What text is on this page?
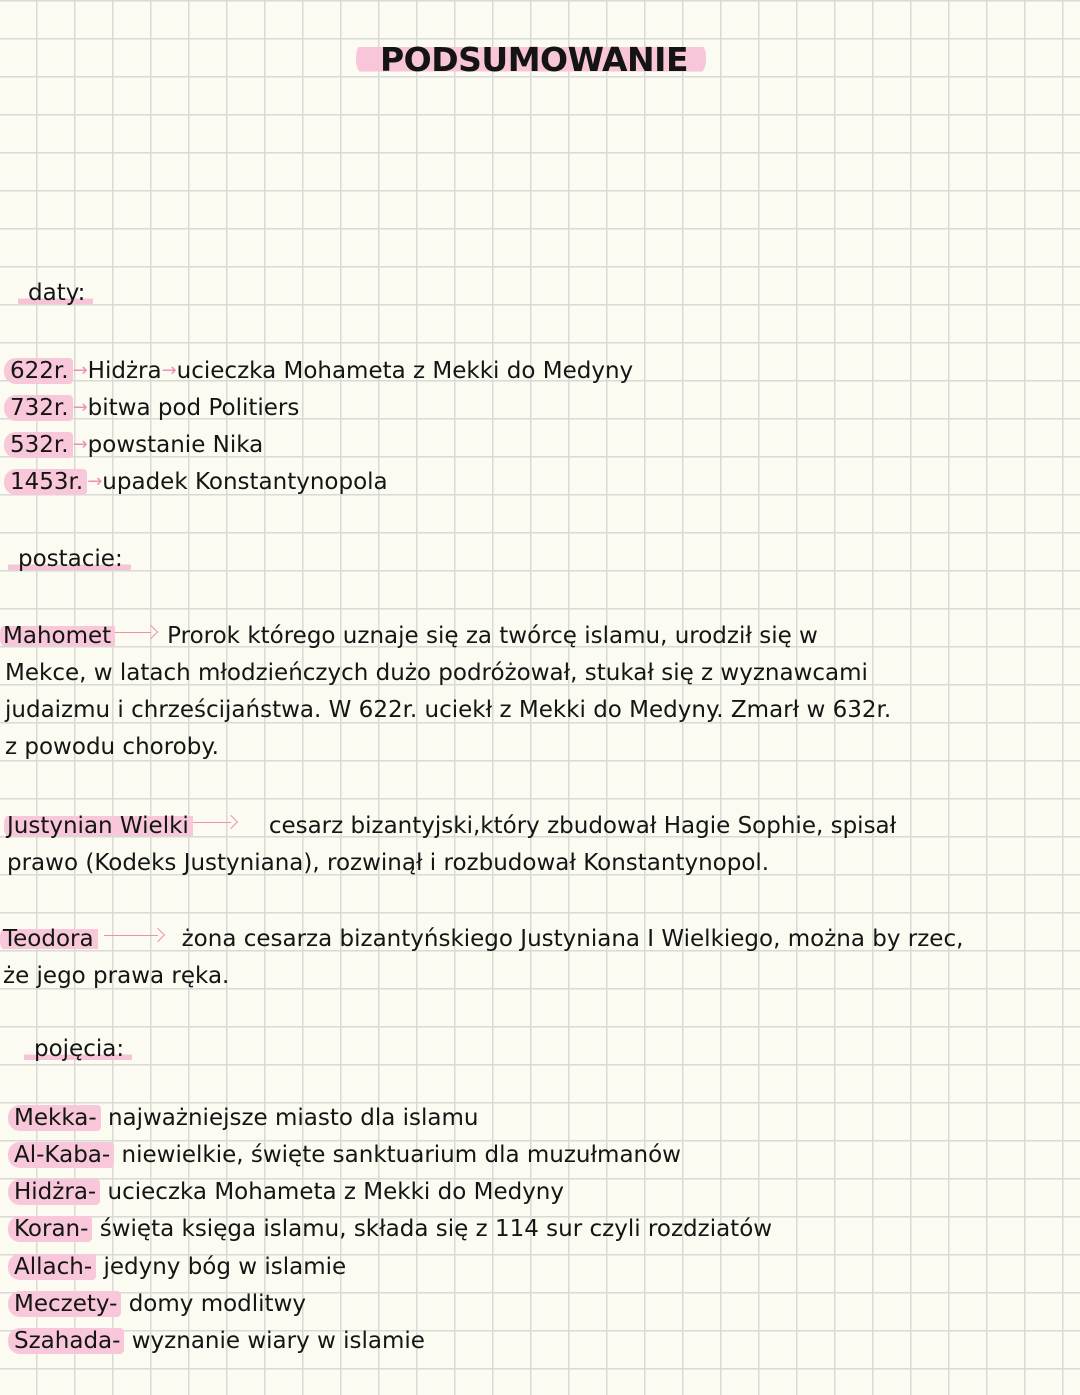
PODSUMOWANIE
daty:
622r. →Hidżra→ucieczka Mohameta z Mekki do Medyny
732r. →bitwa pod Politiers
532r. →powstanie Nika
1453r. →upadek Konstantynopola
postacie:
Mahomet Prorok którego uznaje się za twórcę islamu, urodził się w
Mekce, w latach młodzieńczych dużo podróżował, stukał się z wyznawcami
judaizmu i chrześcijaństwa. W 622r. uciekł z Mekki do Medyny. Zmarł w 632r.
z powodu choroby.
Justynian Wielki	cesarz bizantyjski,który zbudował Hagie Sophie, spisał
prawo (Kodeks Justyniana), rozwinął i rozbudował Konstantynopol.
Teodora	żona cesarza bizantyńskiego Justyniana I Wielkiego, można by rzec,
że jego prawa ręka.
pojęcia:
Mekka- najważniejsze miasto dla islamu
Al-Kaba- niewielkie, święte sanktuarium dla muzułmanów
Hidżra- ucieczka Mohameta z Mekki do Medyny
Koran- święta księga islamu, składa się z 114 sur czyli rozdziatów
Allach- jedyny bóg w islamie
Meczety- domy modlitwy
Szahada- wyznanie wiary w islamie
